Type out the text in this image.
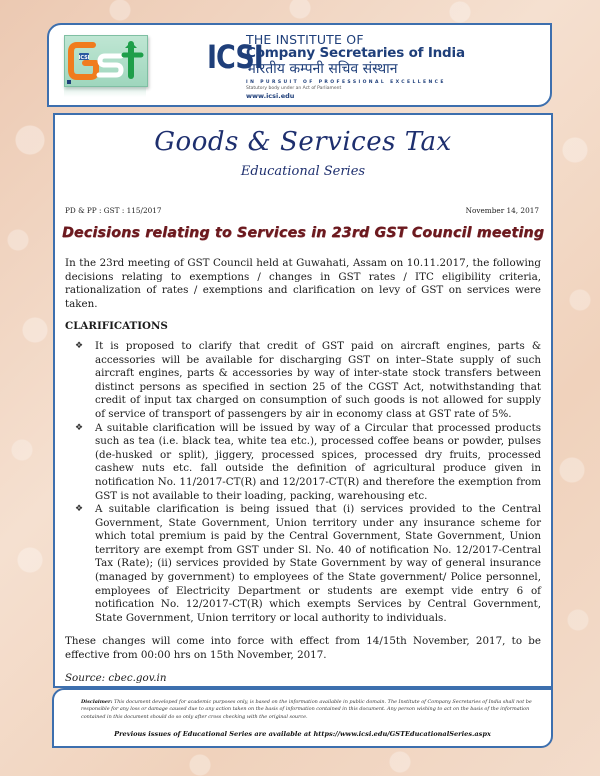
ICSI	ICSI
THE INSTITUTE OF
Company Secretaries of India
भारतीय कम्पनी सचिव संस्थान
IN PURSUIT OF PROFESSIONAL EXCELLENCE
Statutory body under an Act of Parliament
www.icsi.edu
Goods & Services Tax
Educational Series
PD & PP : GST : 115/2017	November 14, 2017
Decisions relating to Services in 23rd GST Council meeting

In the 23rd meeting of GST Council held at Guwahati, Assam on 10.11.2017, the following decisions relating to exemptions / changes in GST rates / ITC eligibility criteria, rationalization of rates / exemptions and clarification on levy of GST on services were taken.

CLARIFICATIONS

❖ It is proposed to clarify that credit of GST paid on aircraft engines, parts & accessories will be available for discharging GST on inter–State supply of such aircraft engines, parts & accessories by way of inter-state stock transfers between distinct persons as specified in section 25 of the CGST Act, notwithstanding that credit of input tax charged on consumption of such goods is not allowed for supply of service of transport of passengers by air in economy class at GST rate of 5%.
❖ A suitable clarification will be issued by way of a Circular that processed products such as tea (i.e. black tea, white tea etc.), processed coffee beans or powder, pulses (de-husked or split), jiggery, processed spices, processed dry fruits, processed cashew nuts etc. fall outside the definition of agricultural produce given in notification No. 11/2017-CT(R) and 12/2017-CT(R) and therefore the exemption from GST is not available to their loading, packing, warehousing etc.
❖ A suitable clarification is being issued that (i) services provided to the Central Government, State Government, Union territory under any insurance scheme for which total premium is paid by the Central Government, State Government, Union territory are exempt from GST under Sl. No. 40 of notification No. 12/2017-Central Tax (Rate); (ii) services provided by State Government by way of general insurance (managed by government) to employees of the State government/ Police personnel, employees of Electricity Department or students are exempt vide entry 6 of notification No. 12/2017-CT(R) which exempts Services by Central Government, State Government, Union territory or local authority to individuals.

These changes will come into force with effect from 14/15th November, 2017, to be effective from 00:00 hrs on 15th November, 2017.

Source: cbec.gov.in

Disclaimer: This document developed for academic purposes only, is based on the information available in public domain. The Institute of Company Secretaries of India shall not be responsible for any loss or damage caused due to any action taken on the basis of information contained in this document. Any person wishing to act on the basis of the information contained in this document should do so only after cross checking with the original source.
Previous issues of Educational Series are available at https://www.icsi.edu/GSTEducationalSeries.aspx
